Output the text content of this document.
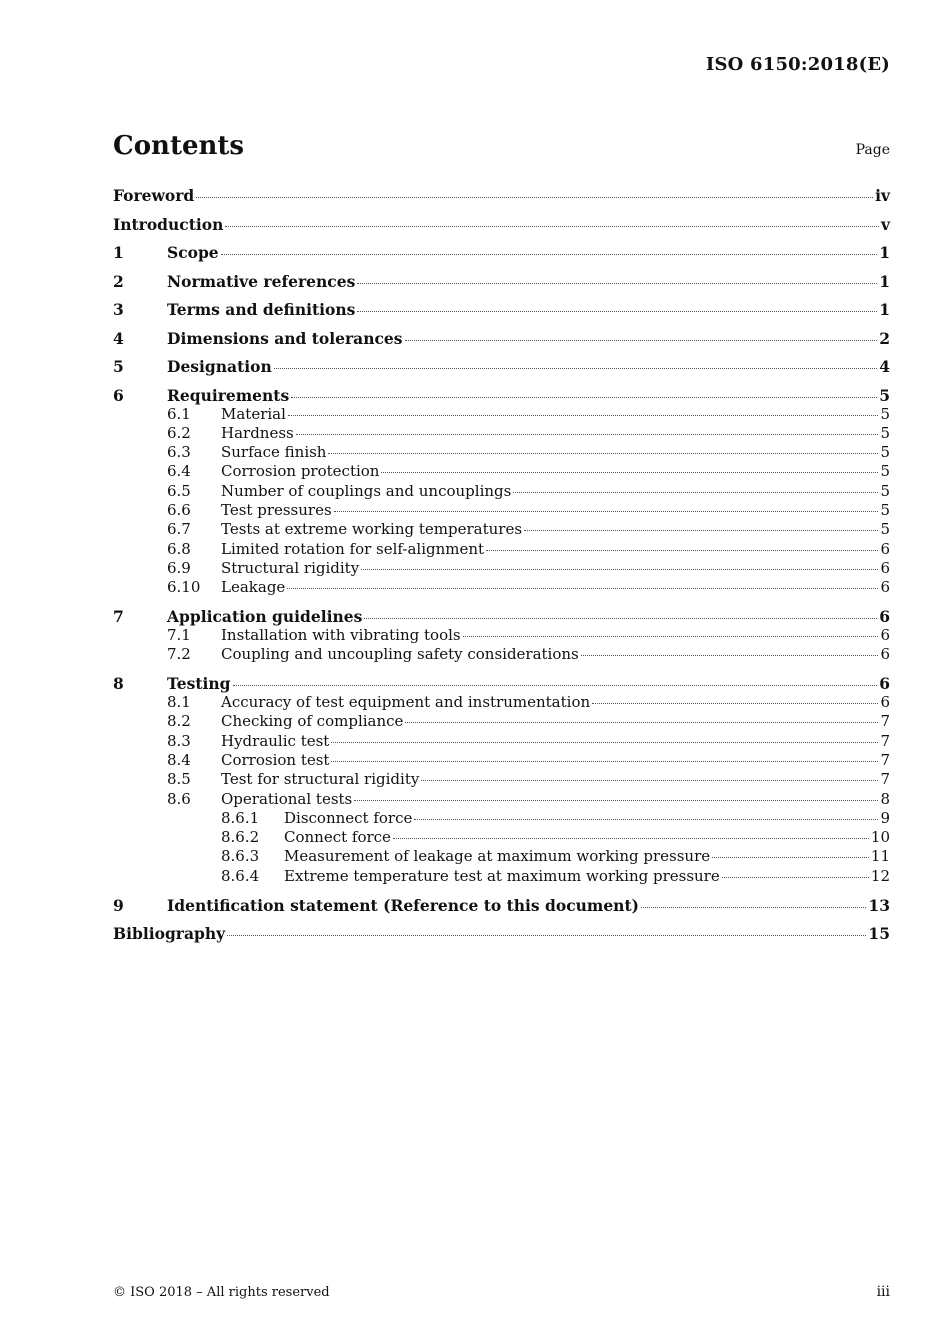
ISO 6150:2018(E)
Contents	Page
Foreword	iv
Introduction	v
1	Scope	1
2	Normative references	1
3	Terms and definitions	1
4	Dimensions and tolerances	2
5	Designation	4
6	Requirements	5
6.1	Material	5
6.2	Hardness	5
6.3	Surface finish	5
6.4	Corrosion protection	5
6.5	Number of couplings and uncouplings	5
6.6	Test pressures	5
6.7	Tests at extreme working temperatures	5
6.8	Limited rotation for self-alignment	6
6.9	Structural rigidity	6
6.10	Leakage	6
7	Application guidelines	6
7.1	Installation with vibrating tools	6
7.2	Coupling and uncoupling safety considerations	6
8	Testing	6
8.1	Accuracy of test equipment and instrumentation	6
8.2	Checking of compliance	7
8.3	Hydraulic test	7
8.4	Corrosion test	7
8.5	Test for structural rigidity	7
8.6	Operational tests	8
8.6.1	Disconnect force	9
8.6.2	Connect force	10
8.6.3	Measurement of leakage at maximum working pressure	11
8.6.4	Extreme temperature test at maximum working pressure	12
9	Identification statement (Reference to this document)	13
Bibliography	15
© ISO 2018 – All rights reserved	iii
